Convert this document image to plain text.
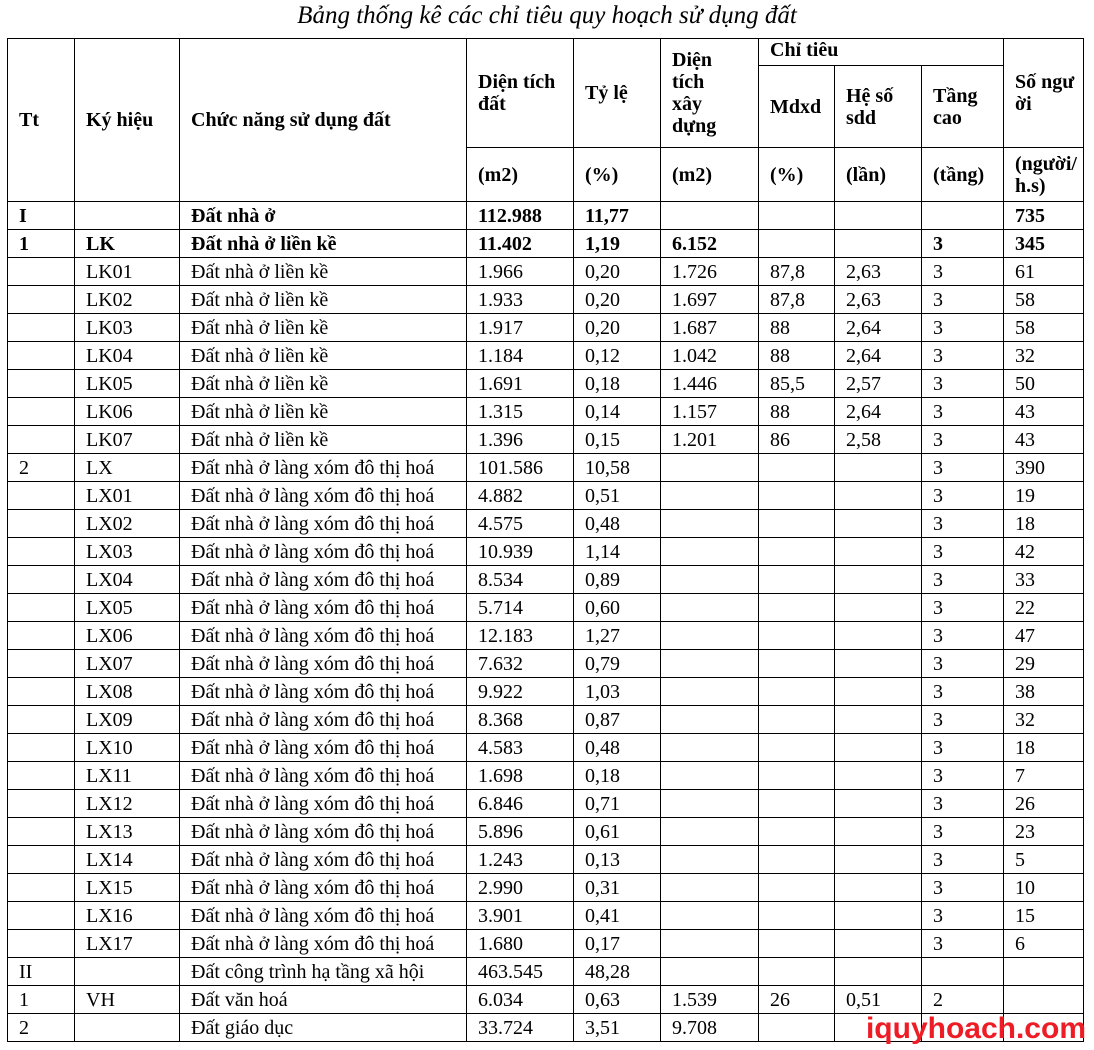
Bảng thống kê các chỉ tiêu quy hoạch sử dụng đất
Tt	Ký hiệu	Chức năng sử dụng đất	Diện tích đất	Tỷ lệ	Diện tích xây dựng	Chỉ tiêu			Số người
						Mdxd	Hệ số sdd	Tầng cao	
			(m2)	(%)	(m2)	(%)	(lần)	(tầng)	(người/h.s)
I		Đất nhà ở	112.988	11,77					735
1	LK	Đất nhà ở liền kề	11.402	1,19	6.152			3	345
	LK01	Đất nhà ở liền kề	1.966	0,20	1.726	87,8	2,63	3	61
	LK02	Đất nhà ở liền kề	1.933	0,20	1.697	87,8	2,63	3	58
	LK03	Đất nhà ở liền kề	1.917	0,20	1.687	88	2,64	3	58
	LK04	Đất nhà ở liền kề	1.184	0,12	1.042	88	2,64	3	32
	LK05	Đất nhà ở liền kề	1.691	0,18	1.446	85,5	2,57	3	50
	LK06	Đất nhà ở liền kề	1.315	0,14	1.157	88	2,64	3	43
	LK07	Đất nhà ở liền kề	1.396	0,15	1.201	86	2,58	3	43
2	LX	Đất nhà ở làng xóm đô thị hoá	101.586	10,58				3	390
	LX01	Đất nhà ở làng xóm đô thị hoá	4.882	0,51				3	19
	LX02	Đất nhà ở làng xóm đô thị hoá	4.575	0,48				3	18
	LX03	Đất nhà ở làng xóm đô thị hoá	10.939	1,14				3	42
	LX04	Đất nhà ở làng xóm đô thị hoá	8.534	0,89				3	33
	LX05	Đất nhà ở làng xóm đô thị hoá	5.714	0,60				3	22
	LX06	Đất nhà ở làng xóm đô thị hoá	12.183	1,27				3	47
	LX07	Đất nhà ở làng xóm đô thị hoá	7.632	0,79				3	29
	LX08	Đất nhà ở làng xóm đô thị hoá	9.922	1,03				3	38
	LX09	Đất nhà ở làng xóm đô thị hoá	8.368	0,87				3	32
	LX10	Đất nhà ở làng xóm đô thị hoá	4.583	0,48				3	18
	LX11	Đất nhà ở làng xóm đô thị hoá	1.698	0,18				3	7
	LX12	Đất nhà ở làng xóm đô thị hoá	6.846	0,71				3	26
	LX13	Đất nhà ở làng xóm đô thị hoá	5.896	0,61				3	23
	LX14	Đất nhà ở làng xóm đô thị hoá	1.243	0,13				3	5
	LX15	Đất nhà ở làng xóm đô thị hoá	2.990	0,31				3	10
	LX16	Đất nhà ở làng xóm đô thị hoá	3.901	0,41				3	15
	LX17	Đất nhà ở làng xóm đô thị hoá	1.680	0,17				3	6
II		Đất công trình hạ tầng xã hội	463.545	48,28					
1	VH	Đất văn hoá	6.034	0,63	1.539	26	0,51	2	
2		Đất giáo dục	33.724	3,51	9.708					iquyhoach.com
